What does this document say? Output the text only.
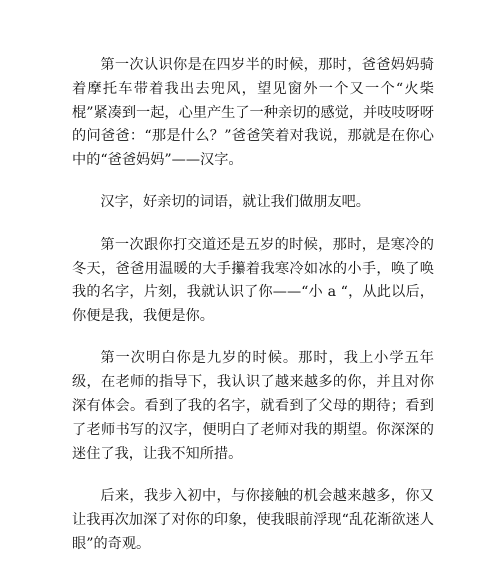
第一次认识你是在四岁半的时候，那时，爸爸妈妈骑着摩托车带着我出去兜风，望见窗外一个又一个“火柴棍”紧凑到一起，心里产生了一种亲切的感觉，并吱吱呀呀的问爸爸：“那是什么？”爸爸笑着对我说，那就是在你心中的“爸爸妈妈”——汉字。

汉字，好亲切的词语，就让我们做朋友吧。

第一次跟你打交道还是五岁的时候，那时，是寒冷的冬天，爸爸用温暖的大手攥着我寒冷如冰的小手，唤了唤我的名字，片刻，我就认识了你——“小 a “，从此以后，你便是我，我便是你。

第一次明白你是九岁的时候。那时，我上小学五年级，在老师的指导下，我认识了越来越多的你，并且对你深有体会。看到了我的名字，就看到了父母的期待；看到了老师书写的汉字，便明白了老师对我的期望。你深深的迷住了我，让我不知所措。

后来，我步入初中，与你接触的机会越来越多，你又让我再次加深了对你的印象，使我眼前浮现“乱花渐欲迷人眼”的奇观。
